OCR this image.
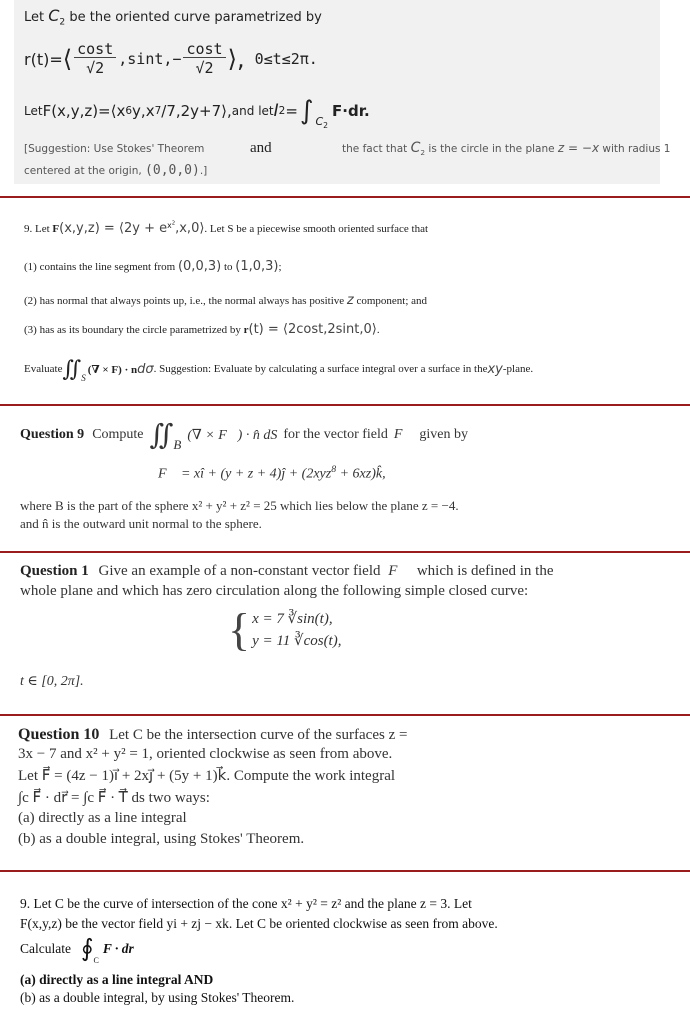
Let $C_2$ be the oriented curve parametrized by
r(t)= ⟨ $\frac{\cos t}{√2} ,\sin t,- \frac{\cos t}{√2}$ ⟩, 0≤t≤2π.
Let F(x,y,z)=⟨x 6 y,x 7 /7,2y+7⟩, and let I 2 = ∫ $C_2$
F·dr.
[Suggestion: Use Stokes' Theorem	and	the fact that $C_2$ is the circle in the plane z = −x with radius 1
centered at the origin, (0,0,0).]
9. Let F(x,y,z) = ⟨2y + $e^{x^2},x,0⟩$. Let S be a piecewise smooth oriented surface that
(1) contains the line segment from (0,0,3) to (1,0,3);
(2) has normal that always points up, i.e., the normal always has positive z component; and
(3) has as its boundary the circle parametrized by r(t) = ⟨2cost,2sint,0⟩.
Evaluate ∬ S
(∇ × F) · n dσ . Suggestion: Evaluate by calculating a surface integral over a surface in the xy -plane.
Question 9 Compute ∬ B
(∇ × F⃗) · n̂ dS for the vector field F⃗ given by
F⃗ = xî + (y + z + 4)ĵ + (2xyz$^8$ + 6xz)k̂,
where B is the part of the sphere x² + y² + z² = 25 which lies below the plane z = −4.
and n̂ is the outward unit normal to the sphere.
Question 1 Give an example of a non-constant vector field F⃗ which is defined in the
whole plane and which has zero circulation along the following simple closed curve:
{ x = 7 ∛sin(t),
y = 11 ∛cos(t),
t ∈ [0, 2π].
Question 10 Let C be the intersection curve of the surfaces z =
3x − 7 and x² + y² = 1, oriented clockwise as seen from above.
Let F⃗ = (4z − 1)i⃗ + 2xj⃗ + (5y + 1)k⃗. Compute the work integral
∫c F⃗ · dr⃗ = ∫c F⃗ · T⃗ ds two ways:
(a) directly as a line integral
(b) as a double integral, using Stokes' Theorem.
9. Let C be the curve of intersection of the cone x² + y² = z² and the plane z = 3. Let
F(x,y,z) be the vector field yi + zj − xk. Let C be oriented clockwise as seen from above.
Calculate ∮ C
F · dr
(a) directly as a line integral AND
(b) as a double integral, by using Stokes' Theorem.
